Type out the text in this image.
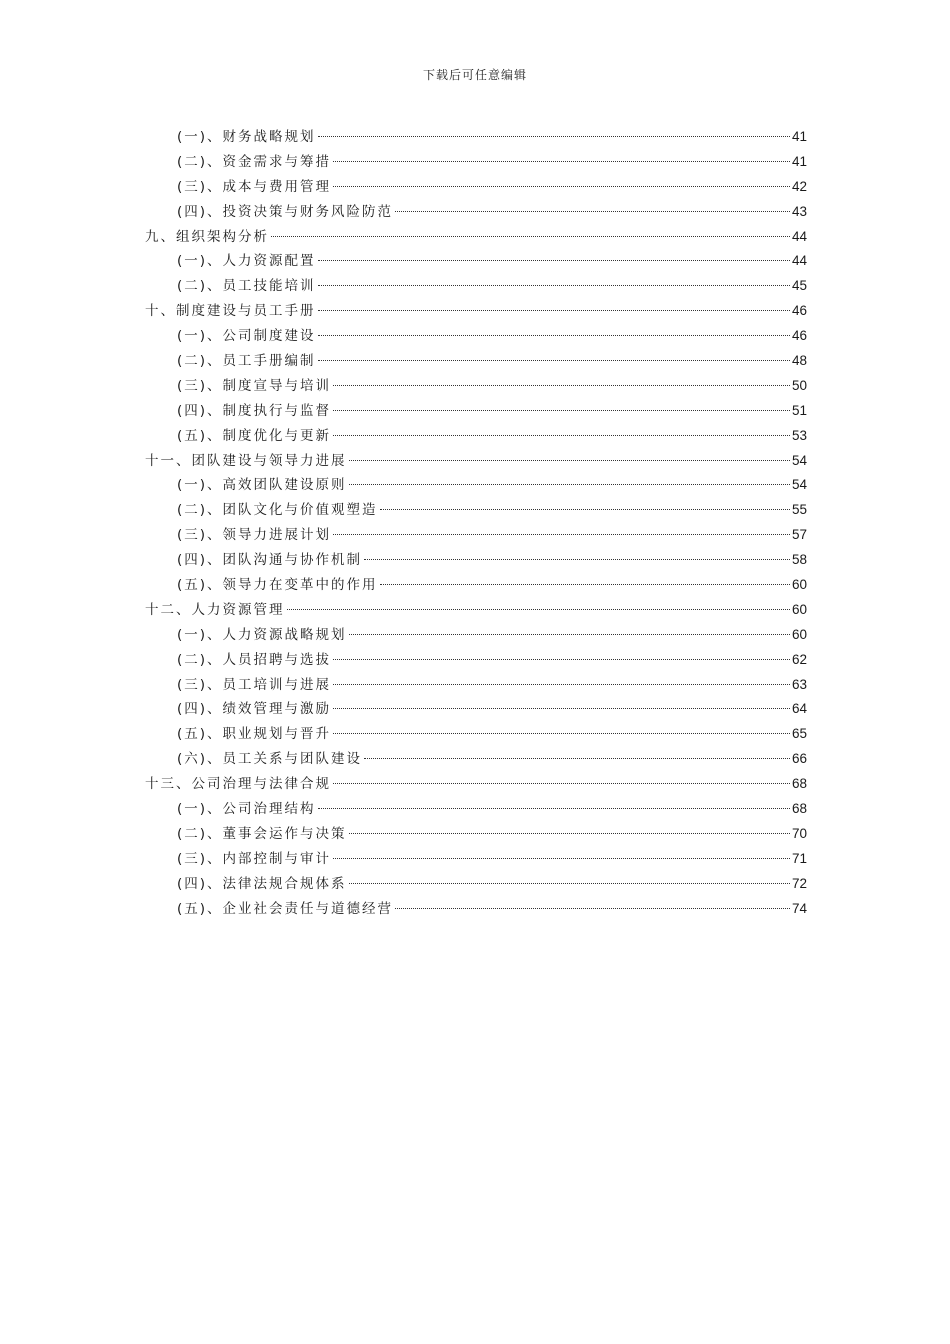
下载后可任意编辑
(一)、财务战略规划	41
(二)、资金需求与筹措	41
(三)、成本与费用管理	42
(四)、投资决策与财务风险防范	43
九、组织架构分析	44
(一)、人力资源配置	44
(二)、员工技能培训	45
十、制度建设与员工手册	46
(一)、公司制度建设	46
(二)、员工手册编制	48
(三)、制度宣导与培训	50
(四)、制度执行与监督	51
(五)、制度优化与更新	53
十一、团队建设与领导力进展	54
(一)、高效团队建设原则	54
(二)、团队文化与价值观塑造	55
(三)、领导力进展计划	57
(四)、团队沟通与协作机制	58
(五)、领导力在变革中的作用	60
十二、人力资源管理	60
(一)、人力资源战略规划	60
(二)、人员招聘与选拔	62
(三)、员工培训与进展	63
(四)、绩效管理与激励	64
(五)、职业规划与晋升	65
(六)、员工关系与团队建设	66
十三、公司治理与法律合规	68
(一)、公司治理结构	68
(二)、董事会运作与决策	70
(三)、内部控制与审计	71
(四)、法律法规合规体系	72
(五)、企业社会责任与道德经营	74
